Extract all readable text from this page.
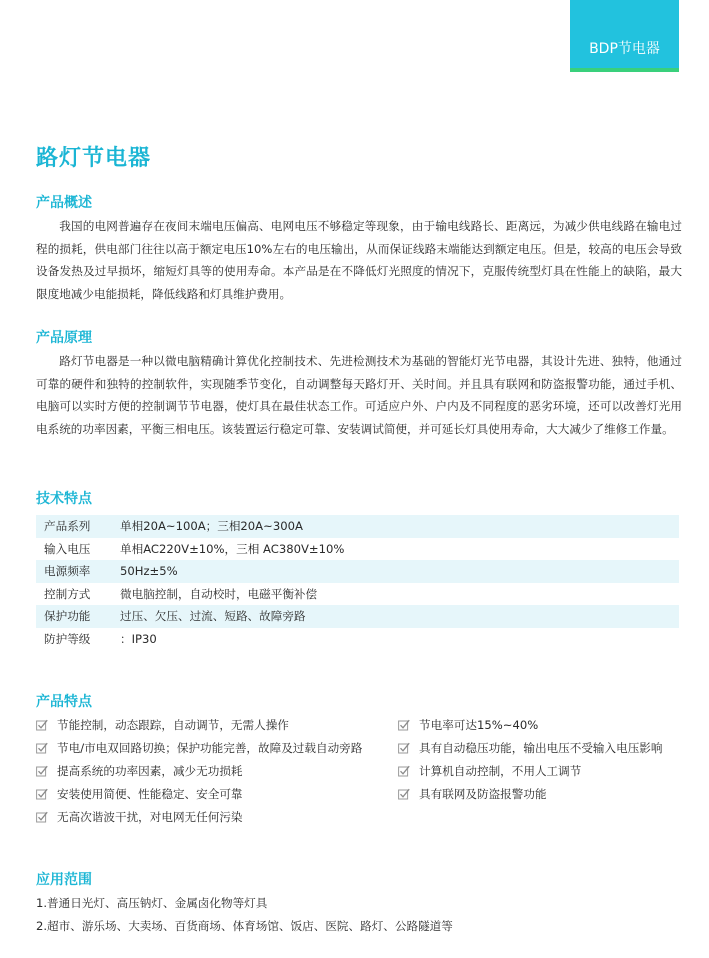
BDP节电器
路灯节电器
产品概述
我国的电网普遍存在夜间末端电压偏高、电网电压不够稳定等现象，由于输电线路长、距离远，为减少供电线路在输电过程的损耗，供电部门往往以高于额定电压10%左右的电压输出，从而保证线路末端能达到额定电压。但是，较高的电压会导致设备发热及过早损坏，缩短灯具等的使用寿命。本产品是在不降低灯光照度的情况下，克服传统型灯具在性能上的缺陷，最大限度地减少电能损耗，降低线路和灯具维护费用。
产品原理
路灯节电器是一种以微电脑精确计算优化控制技术、先进检测技术为基础的智能灯光节电器，其设计先进、独特，他通过可靠的硬件和独特的控制软件，实现随季节变化，自动调整每天路灯开、关时间。并且具有联网和防盗报警功能，通过手机、电脑可以实时方便的控制调节节电器，使灯具在最佳状态工作。可适应户外、户内及不同程度的恶劣环境，还可以改善灯光用电系统的功率因素，平衡三相电压。该装置运行稳定可靠、安装调试简便，并可延长灯具使用寿命，大大减少了维修工作量。
技术特点
产品系列	单相20A~100A；三相20A~300A
输入电压	单相AC220V±10%，三相 AC380V±10%
电源频率	50Hz±5%
控制方式	微电脑控制，自动校时，电磁平衡补偿
保护功能	过压、欠压、过流、短路、故障旁路
防护等级	：IP30
产品特点
节能控制，动态跟踪，自动调节，无需人操作
节电/市电双回路切换；保护功能完善，故障及过载自动旁路
提高系统的功率因素，减少无功损耗
安装使用简便、性能稳定、安全可靠
无高次谐波干扰，对电网无任何污染
节电率可达15%~40%
具有自动稳压功能，输出电压不受输入电压影响
计算机自动控制，不用人工调节
具有联网及防盗报警功能
应用范围
1.普通日光灯、高压钠灯、金属卤化物等灯具
2.超市、游乐场、大卖场、百货商场、体育场馆、饭店、医院、路灯、公路隧道等
